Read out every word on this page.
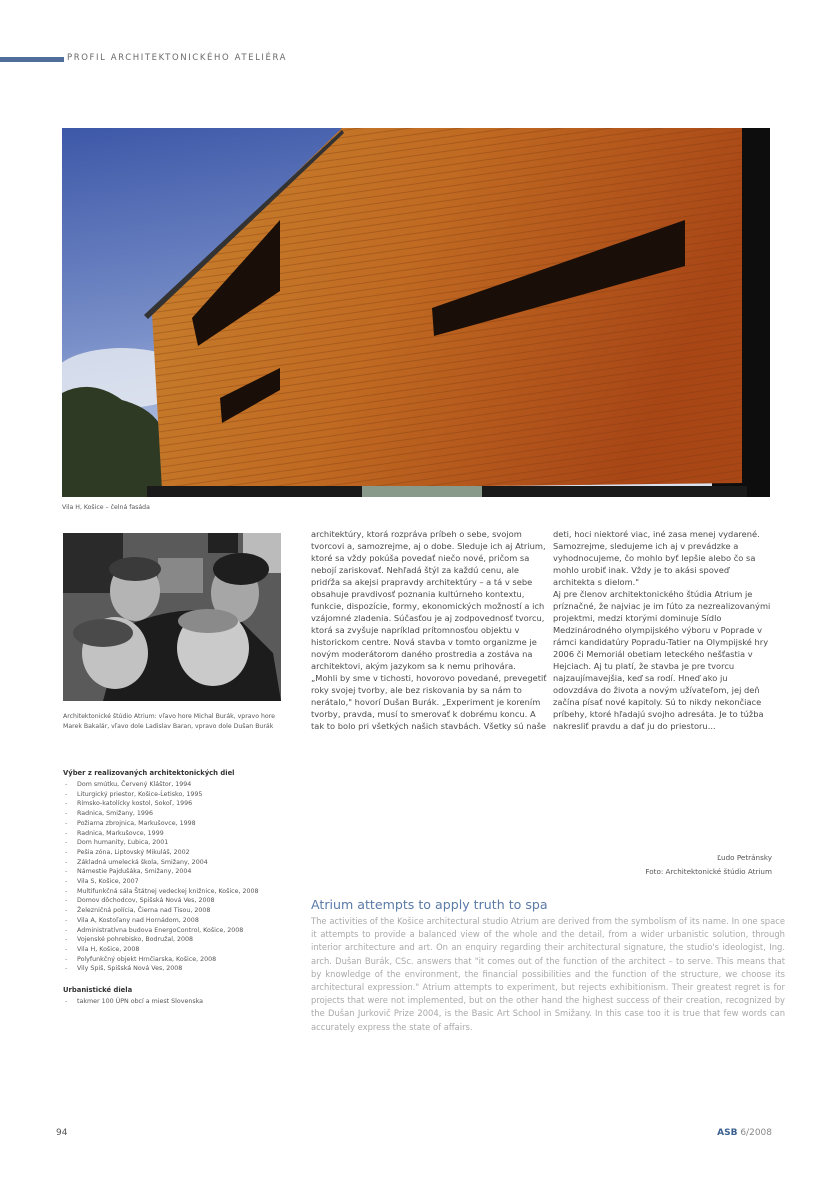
PROFIL ARCHITEKTONICKÉHO ATELIÉRA
Vila H, Košice – čelná fasáda
Architektonické štúdio Atrium: vľavo hore Michal Burák, vpravo hore Marek Bakalár, vľavo dole Ladislav Baran, vpravo dole Dušan Burák
Výber z realizovaných architektonických diel
- Dom smútku, Červený Kláštor, 1994
- Liturgický priestor, Košice-Ĺetisko, 1995
- Rímsko-katolícky kostol, Sokoľ, 1996
- Radnica, Smižany, 1996
- Požiarna zbrojnica, Markušovce, 1998
- Radnica, Markušovce, 1999
- Dom humanity, Ľubica, 2001
- Pešia zóna, Liptovský Mikuláš, 2002
- Základná umelecká škola, Smižany, 2004
- Námestie Pajdušáka, Smižany, 2004
- Vila S, Košice, 2007
- Multifunkčná sála Štátnej vedeckej knižnice, Košice, 2008
- Domov dôchodcov, Spišská Nová Ves, 2008
- Železničná polícia, Čierna nad Tisou, 2008
- Vila A, Kostoľany nad Hornádom, 2008
- Administratívna budova EnergoControl, Košice, 2008
- Vojenské pohrebisko, Bodružal, 2008
- Vila H, Košice, 2008
- Polyfunkčný objekt Hrnčiarska, Košice, 2008
- Vily Spiš, Spišská Nová Ves, 2008
Urbanistické diela
- takmer 100 ÚPN obcí a miest Slovenska

architektúry, ktorá rozpráva príbeh o sebe, svojom tvorcovi a, samozrejme, aj o dobe. Sleduje ich aj Atrium, ktoré sa vždy pokúša povedať niečo nové, pričom sa nebojí zariskovať. Nehľadá štýl za každú cenu, ale pridŕža sa akejsi prapravdy architektúry – a tá v sebe obsahuje pravdivosť poznania kultúrneho kontextu, funkcie, dispozície, formy, ekonomických možností a ich vzájomné zladenia. Súčasťou je aj zodpovednosť tvorcu, ktorá sa zvyšuje napríklad prítomnosťou objektu v historickom centre. Nová stavba v tomto organizme je novým moderátorom daného prostredia a zostáva na architektovi, akým jazykom sa k nemu prihovára.

„Mohli by sme v tichosti, hovorovo povedané, prevegetiť roky svojej tvorby, ale bez riskovania by sa nám to nerátalo," hovorí Dušan Burák. „Experiment je korením tvorby, pravda, musí to smerovať k dobrému koncu. A tak to bolo pri všetkých našich stavbách. Všetky sú naše

deti, hoci niektoré viac, iné zasa menej vydarené. Samozrejme, sledujeme ich aj v prevádzke a vyhodnocujeme, čo mohlo byť lepšie alebo čo sa mohlo urobiť inak. Vždy je to akási spoveď architekta s dielom."

Aj pre členov architektonického štúdia Atrium je príznačné, že najviac je im ľúto za nezrealizovanými projektmi, medzi ktorými dominuje Sídlo Medzinárodného olympijského výboru v Poprade v rámci kandidatúry Popradu-Tatier na Olympijské hry 2006 či Memoriál obetiam leteckého nešťastia v Hejciach. Aj tu platí, že stavba je pre tvorcu najzaujímavejšia, keď sa rodí. Hneď ako ju odovzdáva do života a novým užívateľom, jej deň začína písať nové kapitoly. Sú to nikdy nekončiace príbehy, ktoré hľadajú svojho adresáta. Je to túžba nakresliť pravdu a dať ju do priestoru...

Ľudo Petránsky
Foto: Architektonické štúdio Atrium
Atrium attempts to apply truth to spa
The activities of the Košice architectural studio Atrium are derived from the symbolism of its name. In one space it attempts to provide a balanced view of the whole and the detail, from a wider urbanistic solution, through interior architecture and art. On an enquiry regarding their architectural signature, the studio's ideologist, Ing. arch. Dušan Burák, CSc. answers that "it comes out of the function of the architect – to serve. This means that by knowledge of the environment, the financial possibilities and the function of the structure, we choose its architectural expression." Atrium attempts to experiment, but rejects exhibitionism. Their greatest regret is for projects that were not implemented, but on the other hand the highest success of their creation, recognized by the Dušan Jurkovič Prize 2004, is the Basic Art School in Smižany. In this case too it is true that few words can accurately express the state of affairs.
94	ASB 6/2008
